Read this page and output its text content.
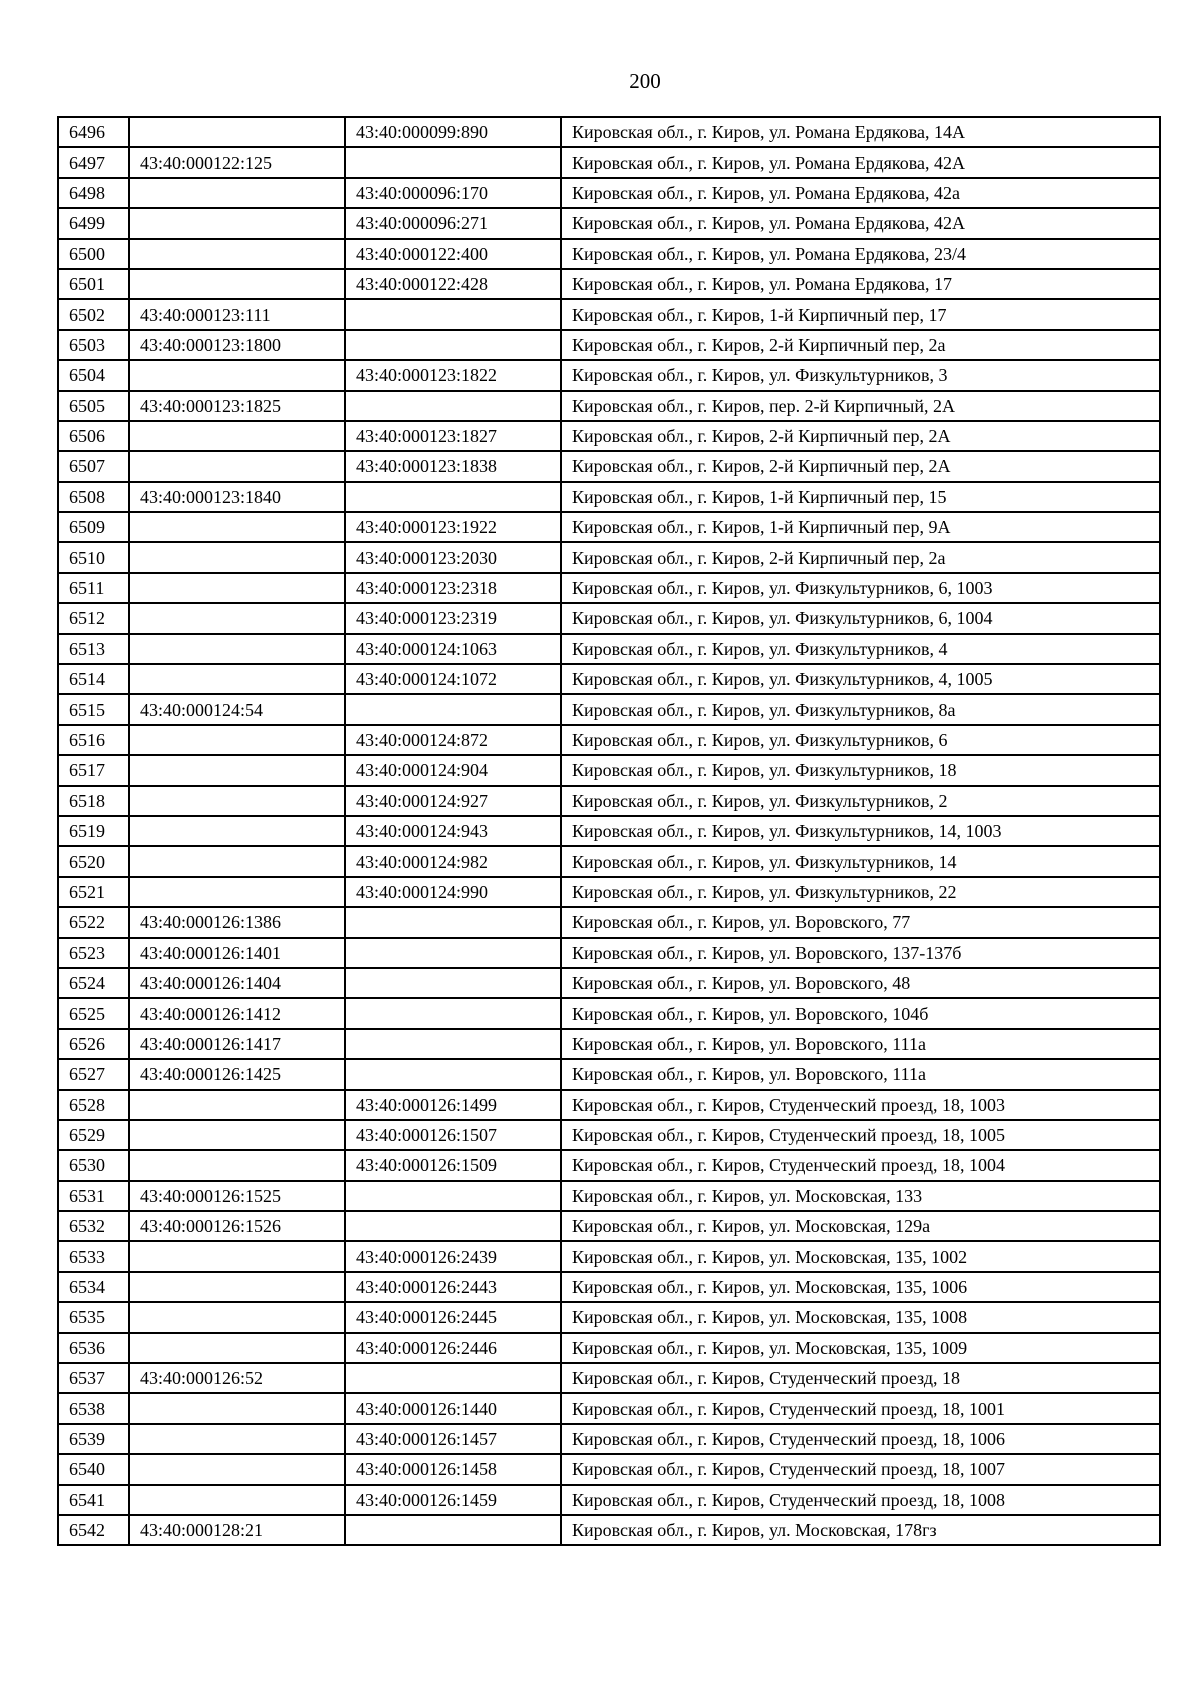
200
6496		43:40:000099:890	Кировская обл., г. Киров, ул. Романа Ердякова, 14А
6497	43:40:000122:125		Кировская обл., г. Киров, ул. Романа Ердякова, 42А
6498		43:40:000096:170	Кировская обл., г. Киров, ул. Романа Ердякова, 42а
6499		43:40:000096:271	Кировская обл., г. Киров, ул. Романа Ердякова, 42А
6500		43:40:000122:400	Кировская обл., г. Киров, ул. Романа Ердякова, 23/4
6501		43:40:000122:428	Кировская обл., г. Киров, ул. Романа Ердякова, 17
6502	43:40:000123:111		Кировская обл., г. Киров, 1-й Кирпичный пер, 17
6503	43:40:000123:1800		Кировская обл., г. Киров, 2-й Кирпичный пер, 2а
6504		43:40:000123:1822	Кировская обл., г. Киров, ул. Физкультурников, 3
6505	43:40:000123:1825		Кировская обл., г. Киров, пер. 2-й Кирпичный, 2А
6506		43:40:000123:1827	Кировская обл., г. Киров, 2-й Кирпичный пер, 2А
6507		43:40:000123:1838	Кировская обл., г. Киров, 2-й Кирпичный пер, 2А
6508	43:40:000123:1840		Кировская обл., г. Киров, 1-й Кирпичный пер, 15
6509		43:40:000123:1922	Кировская обл., г. Киров, 1-й Кирпичный пер, 9А
6510		43:40:000123:2030	Кировская обл., г. Киров, 2-й Кирпичный пер, 2а
6511		43:40:000123:2318	Кировская обл., г. Киров, ул. Физкультурников, 6, 1003
6512		43:40:000123:2319	Кировская обл., г. Киров, ул. Физкультурников, 6, 1004
6513		43:40:000124:1063	Кировская обл., г. Киров, ул. Физкультурников, 4
6514		43:40:000124:1072	Кировская обл., г. Киров, ул. Физкультурников, 4, 1005
6515	43:40:000124:54		Кировская обл., г. Киров, ул. Физкультурников, 8а
6516		43:40:000124:872	Кировская обл., г. Киров, ул. Физкультурников, 6
6517		43:40:000124:904	Кировская обл., г. Киров, ул. Физкультурников, 18
6518		43:40:000124:927	Кировская обл., г. Киров, ул. Физкультурников, 2
6519		43:40:000124:943	Кировская обл., г. Киров, ул. Физкультурников, 14, 1003
6520		43:40:000124:982	Кировская обл., г. Киров, ул. Физкультурников, 14
6521		43:40:000124:990	Кировская обл., г. Киров, ул. Физкультурников, 22
6522	43:40:000126:1386		Кировская обл., г. Киров, ул. Воровского, 77
6523	43:40:000126:1401		Кировская обл., г. Киров, ул. Воровского, 137-137б
6524	43:40:000126:1404		Кировская обл., г. Киров, ул. Воровского, 48
6525	43:40:000126:1412		Кировская обл., г. Киров, ул. Воровского, 104б
6526	43:40:000126:1417		Кировская обл., г. Киров, ул. Воровского, 111а
6527	43:40:000126:1425		Кировская обл., г. Киров, ул. Воровского, 111а
6528		43:40:000126:1499	Кировская обл., г. Киров, Студенческий проезд, 18, 1003
6529		43:40:000126:1507	Кировская обл., г. Киров, Студенческий проезд, 18, 1005
6530		43:40:000126:1509	Кировская обл., г. Киров, Студенческий проезд, 18, 1004
6531	43:40:000126:1525		Кировская обл., г. Киров, ул. Московская, 133
6532	43:40:000126:1526		Кировская обл., г. Киров, ул. Московская, 129а
6533		43:40:000126:2439	Кировская обл., г. Киров, ул. Московская, 135, 1002
6534		43:40:000126:2443	Кировская обл., г. Киров, ул. Московская, 135, 1006
6535		43:40:000126:2445	Кировская обл., г. Киров, ул. Московская, 135, 1008
6536		43:40:000126:2446	Кировская обл., г. Киров, ул. Московская, 135, 1009
6537	43:40:000126:52		Кировская обл., г. Киров, Студенческий проезд, 18
6538		43:40:000126:1440	Кировская обл., г. Киров, Студенческий проезд, 18, 1001
6539		43:40:000126:1457	Кировская обл., г. Киров, Студенческий проезд, 18, 1006
6540		43:40:000126:1458	Кировская обл., г. Киров, Студенческий проезд, 18, 1007
6541		43:40:000126:1459	Кировская обл., г. Киров, Студенческий проезд, 18, 1008
6542	43:40:000128:21		Кировская обл., г. Киров, ул. Московская, 178гз
